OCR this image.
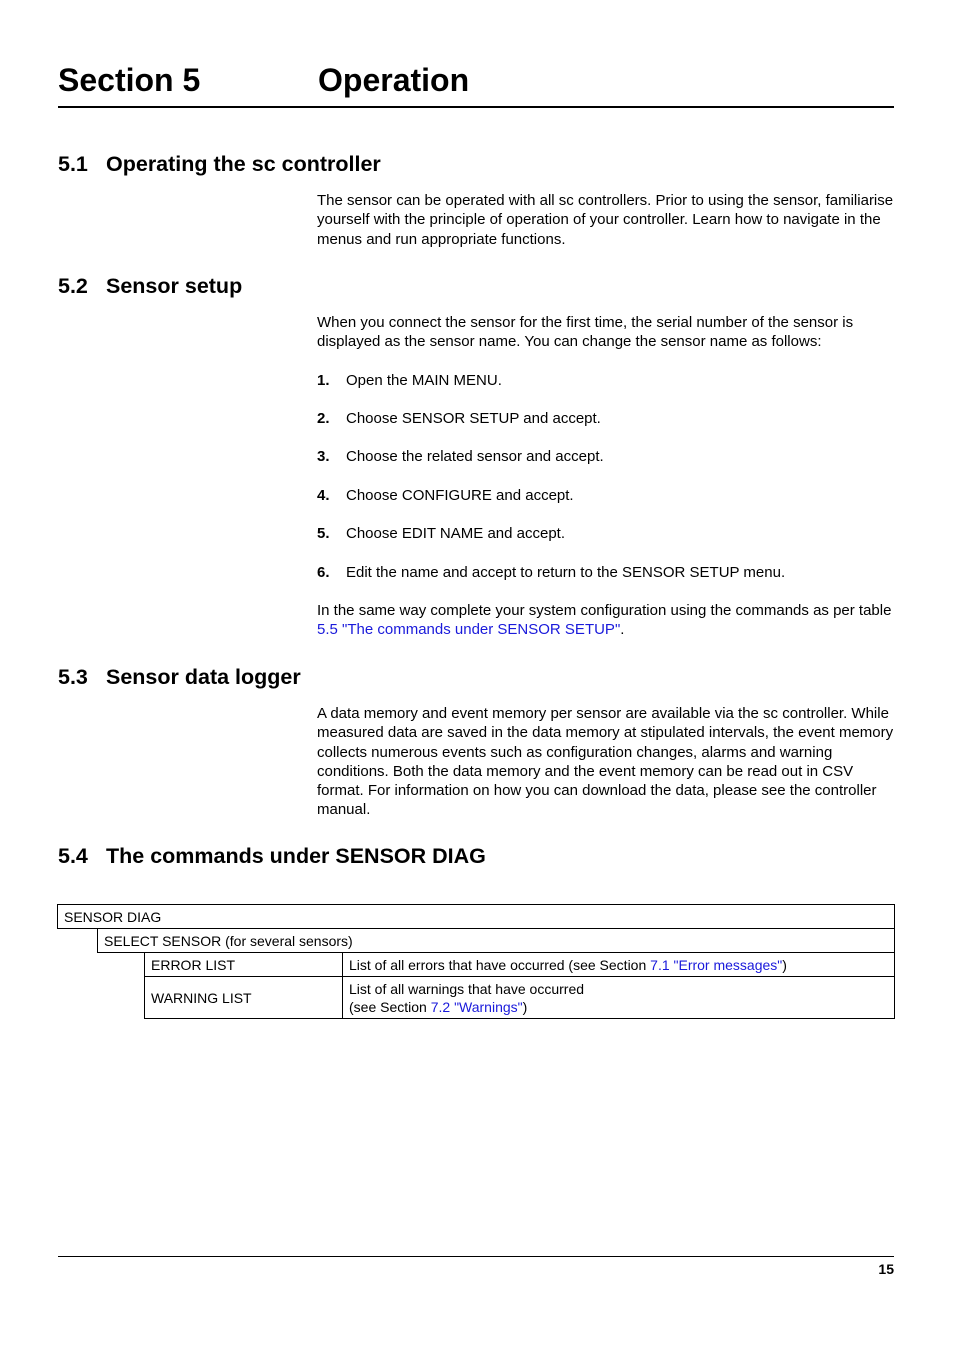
Section 5	Operation
5.1 Operating the sc controller

The sensor can be operated with all sc controllers. Prior to using the sensor, familiarise yourself with the principle of operation of your controller. Learn how to navigate in the menus and run appropriate functions.

5.2 Sensor setup

When you connect the sensor for the first time, the serial number of the sensor is displayed as the sensor name. You can change the sensor name as follows:

1. Open the MAIN MENU.
2. Choose SENSOR SETUP and accept.
3. Choose the related sensor and accept.
4. Choose CONFIGURE and accept.
5. Choose EDIT NAME and accept.
6. Edit the name and accept to return to the SENSOR SETUP menu.

In the same way complete your system configuration using the commands as per table 5.5 "The commands under SENSOR SETUP".

5.3 Sensor data logger

A data memory and event memory per sensor are available via the sc controller. While measured data are saved in the data memory at stipulated intervals, the event memory collects numerous events such as configuration changes, alarms and warning conditions. Both the data memory and the event memory can be read out in CSV format. For information on how you can download the data, please see the controller manual.

5.4 The commands under SENSOR DIAG
SENSOR DIAG
SELECT SENSOR (for several sensors)
ERROR LIST	List of all errors that have occurred (see Section 7.1 "Error messages")
WARNING LIST
List of all warnings that have occurred
(see Section 7.2 "Warnings")
15
